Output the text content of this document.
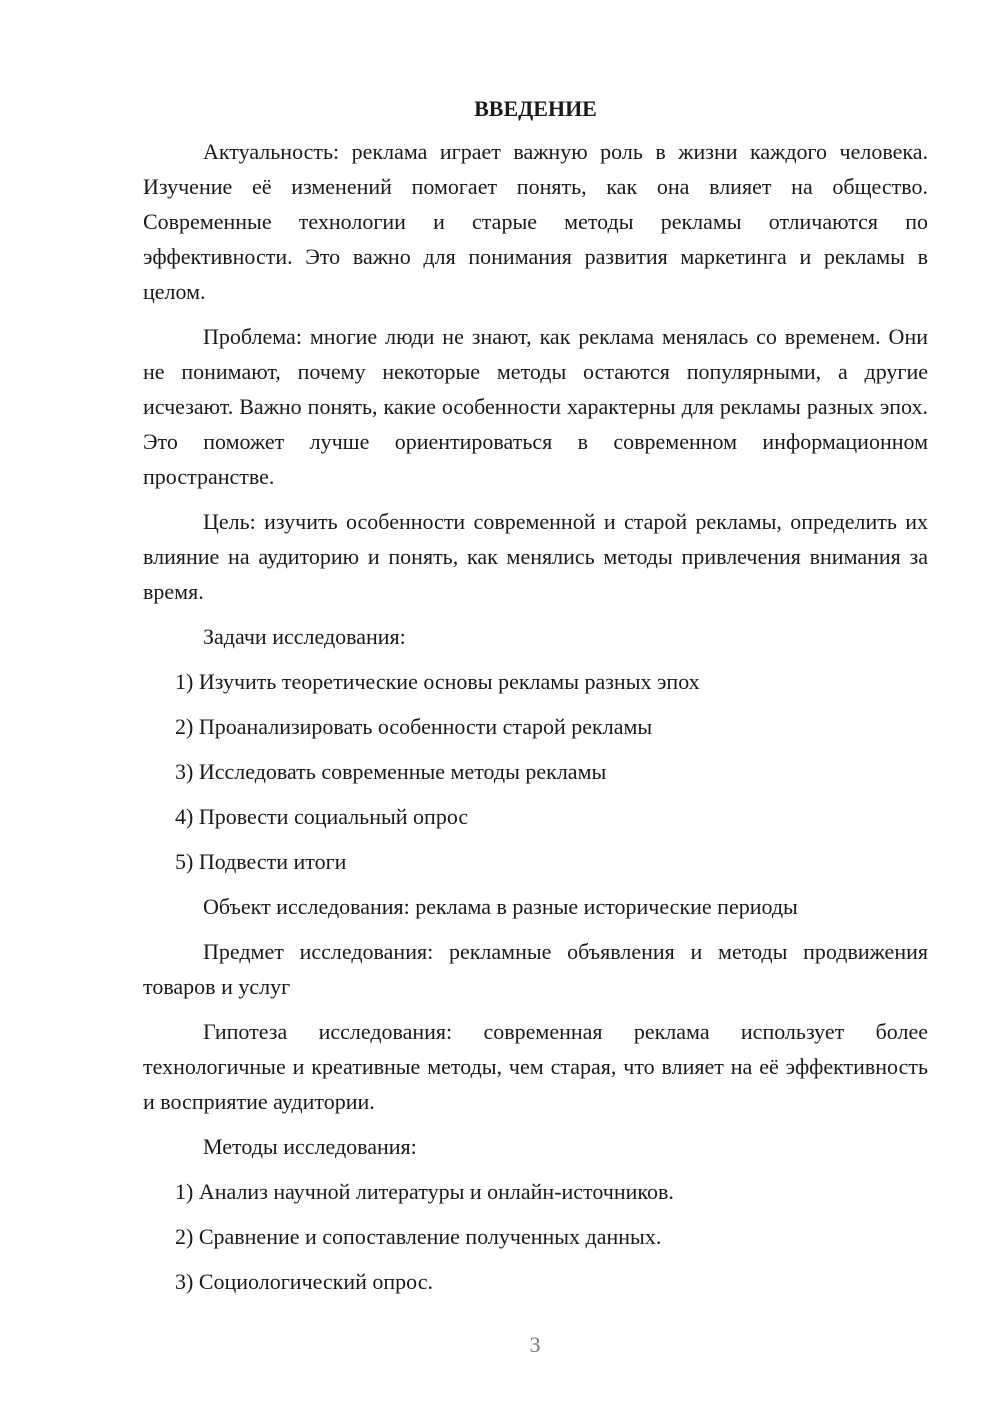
ВВЕДЕНИЕ

Актуальность: реклама играет важную роль в жизни каждого человека. Изучение её изменений помогает понять, как она влияет на общество. Современные технологии и старые методы рекламы отличаются по эффективности. Это важно для понимания развития маркетинга и рекламы в целом.

Проблема: многие люди не знают, как реклама менялась со временем. Они не понимают, почему некоторые методы остаются популярными, а другие исчезают. Важно понять, какие особенности характерны для рекламы разных эпох. Это поможет лучше ориентироваться в современном информационном пространстве.

Цель: изучить особенности современной и старой рекламы, определить их влияние на аудиторию и понять, как менялись методы привлечения внимания за время.

Задачи исследования:

1) Изучить теоретические основы рекламы разных эпох

2) Проанализировать особенности старой рекламы

3) Исследовать современные методы рекламы

4) Провести социальный опрос

5) Подвести итоги

Объект исследования: реклама в разные исторические периоды

Предмет исследования: рекламные объявления и методы продвижения товаров и услуг

Гипотеза исследования: современная реклама использует более технологичные и креативные методы, чем старая, что влияет на её эффективность и восприятие аудитории.

Методы исследования:

1) Анализ научной литературы и онлайн-источников.

2) Сравнение и сопоставление полученных данных.

3) Социологический опрос.

3
